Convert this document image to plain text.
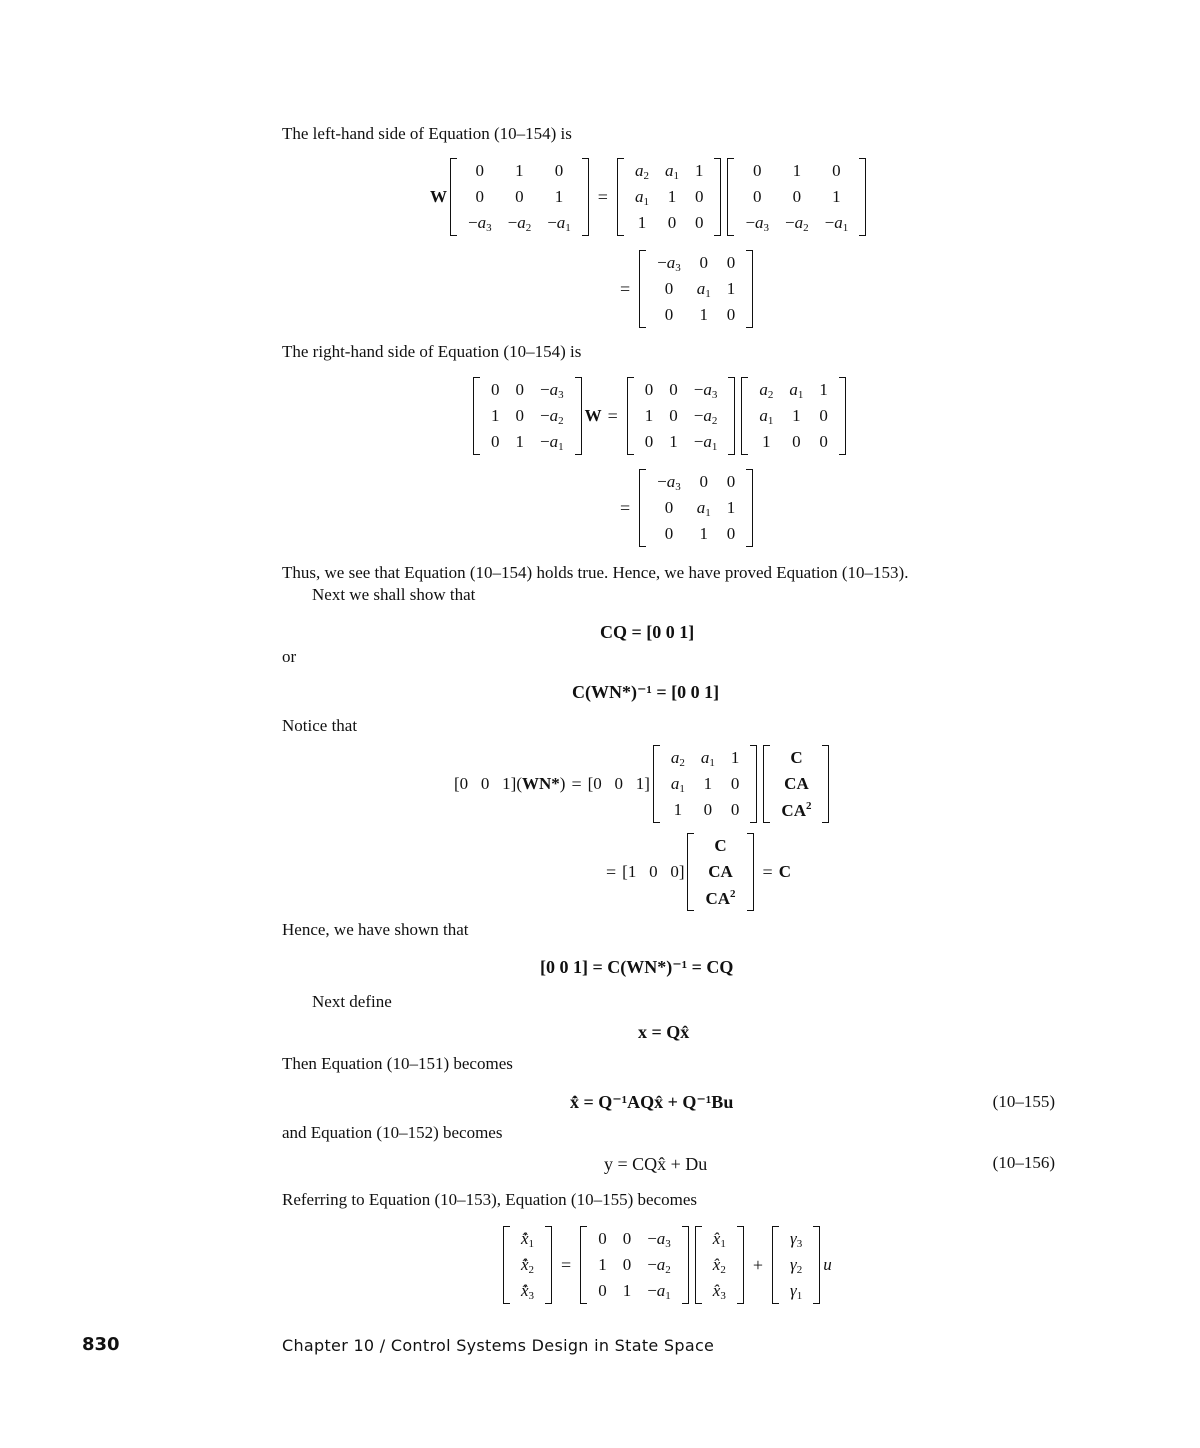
The left-hand side of Equation (10–154) is
W
0	1	0
0	0	1
$-a_3$	$-a_2$	$-a_1$
=
$a_2$	$a_1$	1
$a_1$	1	0
1	0	0
0	1	0
0	0	1
$-a_3$	$-a_2$	$-a_1$
=
$-a_3$	0	0
0	$a_1$	1
0	1	0
The right-hand side of Equation (10–154) is
0	0	$-a_3$
1	0	$-a_2$
0	1	$-a_1$
W =
0	0	$-a_3$
1	0	$-a_2$
0	1	$-a_1$
$a_2$	$a_1$	1
$a_1$	1	0
1	0	0
=
$-a_3$	0	0
0	$a_1$	1
0	1	0
Thus, we see that Equation (10–154) holds true. Hence, we have proved Equation (10–153).
Next we shall show that
CQ = [0 0 1]
or
C(WN*)⁻¹ = [0 0 1]
Notice that
[0   0   1](WN*) = [0   0   1]
$a_2$	$a_1$	1
$a_1$	1	0
1	0	0
C
CA
$CA^2$
= [1   0   0]
C
CA
$CA^2$
= C
Hence, we have shown that
[0 0 1] = C(WN*)⁻¹ = CQ
Next define
x = Qx̂
Then Equation (10–151) becomes
x̂̇ = Q⁻¹AQx̂ + Q⁻¹Bu	(10–155)
and Equation (10–152) becomes
y = CQx̂ + Du	(10–156)
Referring to Equation (10–153), Equation (10–155) becomes
$x̂̇_1$
$x̂̇_2$
$x̂̇_3$
=
0	0	$-a_3$
1	0	$-a_2$
0	1	$-a_1$
$x̂_1$
$x̂_2$
$x̂_3$
+
$\gamma_3$
$\gamma_2$
$\gamma_1$
u
830	Chapter 10 / Control Systems Design in State Space
